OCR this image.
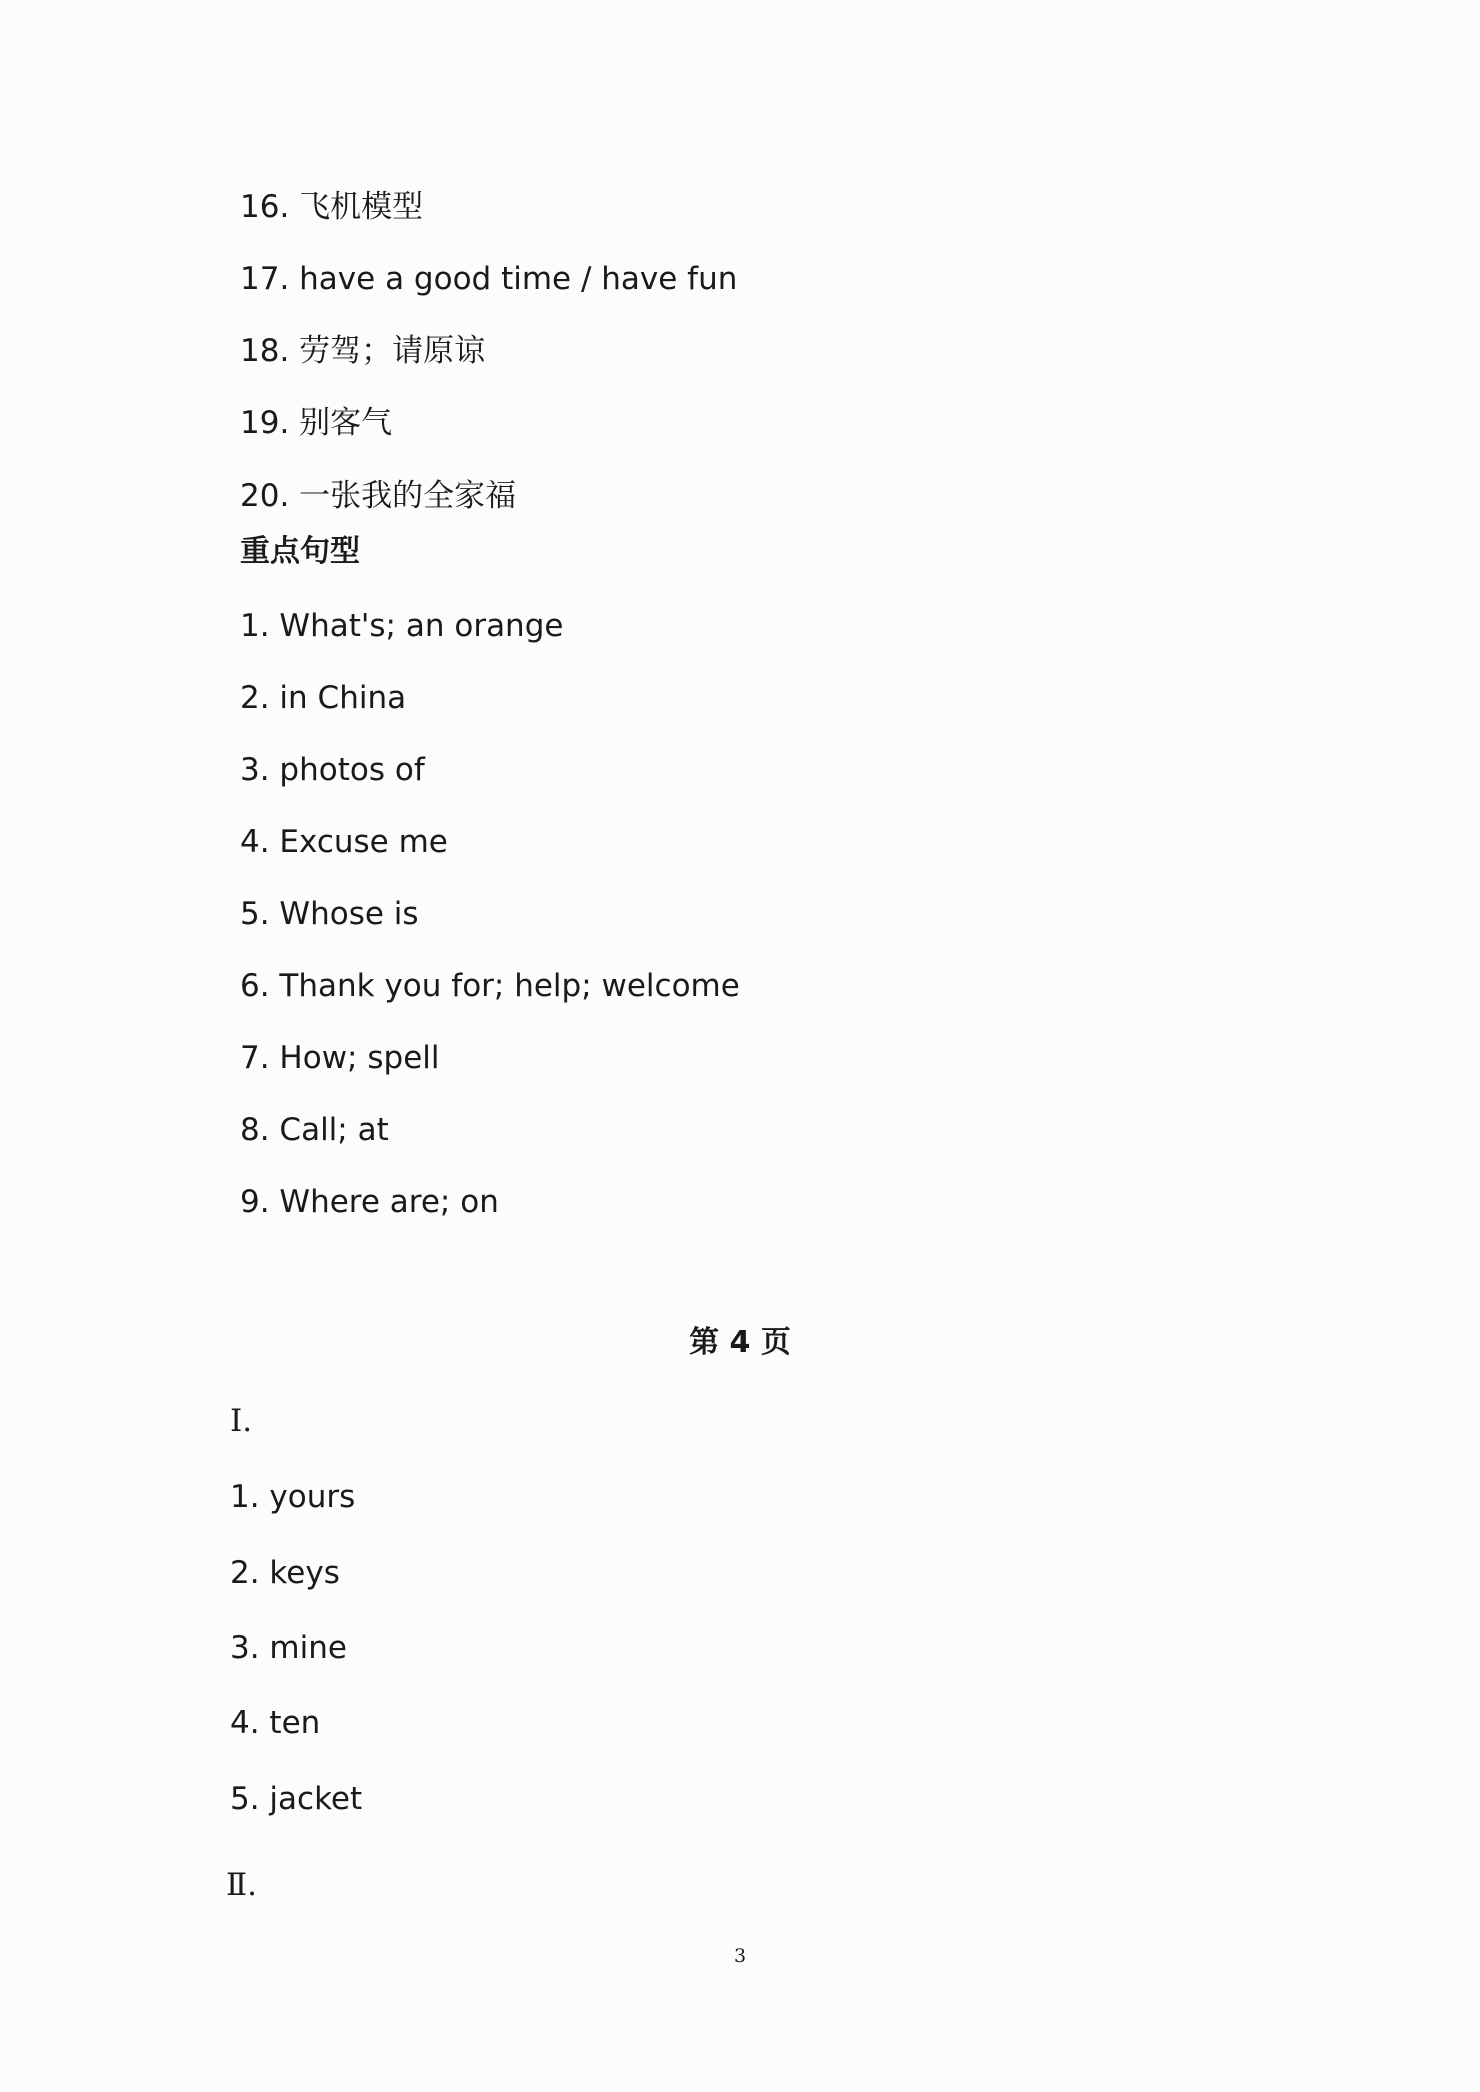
16. 飞机模型
17. have a good time / have fun
18. 劳驾；请原谅
19. 别客气
20. 一张我的全家福
重点句型
1. What's; an orange
2. in China
3. photos of
4. Excuse me
5. Whose is
6. Thank you for; help; welcome
7. How; spell
8. Call; at
9. Where are; on
第 4 页
Ⅰ.
1. yours
2. keys
3. mine
4. ten
5. jacket
Ⅱ.
3
